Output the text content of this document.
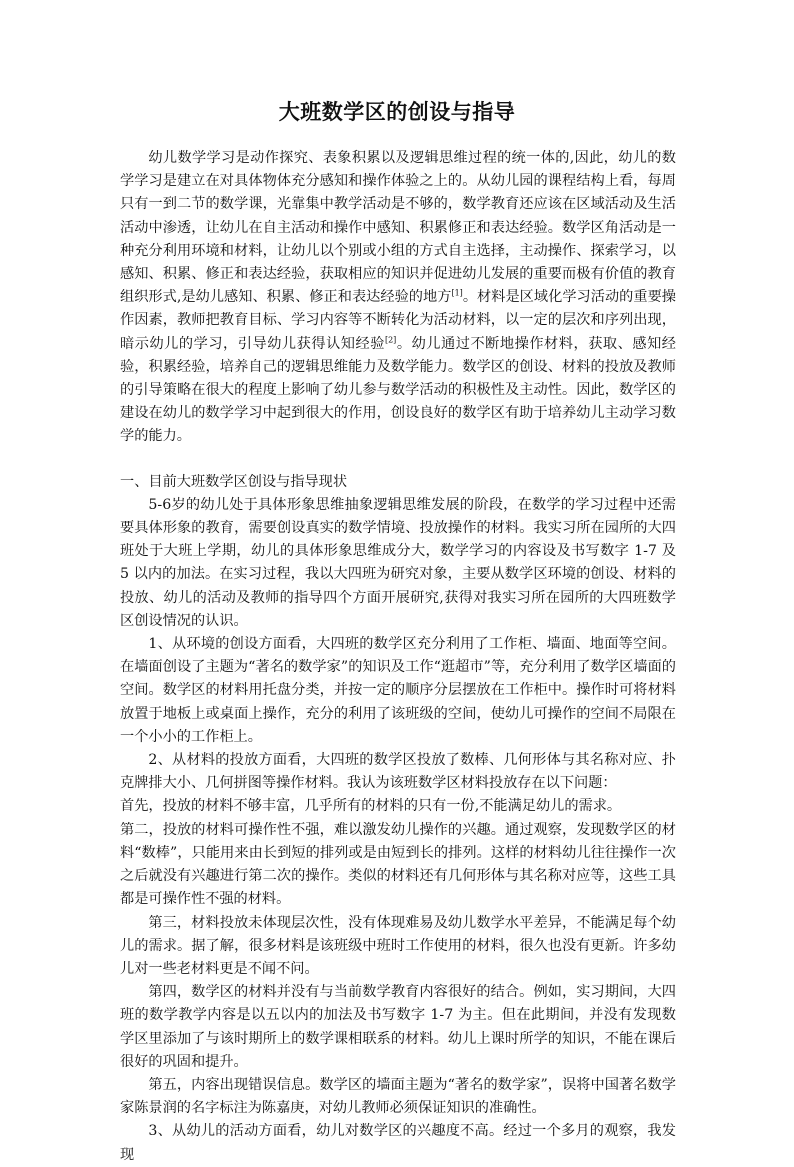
大班数学区的创设与指导

幼儿数学学习是动作探究、表象积累以及逻辑思维过程的统一体的,因此，幼儿的数学学习是建立在对具体物体充分感知和操作体验之上的。从幼儿园的课程结构上看，每周只有一到二节的数学课，光靠集中教学活动是不够的，数学教育还应该在区域活动及生活活动中渗透，让幼儿在自主活动和操作中感知、积累修正和表达经验。数学区角活动是一种充分利用环境和材料，让幼儿以个别或小组的方式自主选择，主动操作、探索学习，以感知、积累、修正和表达经验，获取相应的知识并促进幼儿发展的重要而极有价值的教育组织形式,是幼儿感知、积累、修正和表达经验的地方[1]。材料是区域化学习活动的重要操作因素，教师把教育目标、学习内容等不断转化为活动材料，以一定的层次和序列出现，暗示幼儿的学习，引导幼儿获得认知经验[2]。幼儿通过不断地操作材料，获取、感知经验，积累经验，培养自己的逻辑思维能力及数学能力。数学区的创设、材料的投放及教师的引导策略在很大的程度上影响了幼儿参与数学活动的积极性及主动性。因此，数学区的建设在幼儿的数学学习中起到很大的作用，创设良好的数学区有助于培养幼儿主动学习数学的能力。

一、目前大班数学区创设与指导现状

5-6岁的幼儿处于具体形象思维抽象逻辑思维发展的阶段，在数学的学习过程中还需要具体形象的教育，需要创设真实的数学情境、投放操作的材料。我实习所在园所的大四班处于大班上学期，幼儿的具体形象思维成分大，数学学习的内容设及书写数字 1-7 及 5 以内的加法。在实习过程，我以大四班为研究对象，主要从数学区环境的创设、材料的投放、幼儿的活动及教师的指导四个方面开展研究,获得对我实习所在园所的大四班数学区创设情况的认识。

1、从环境的创设方面看，大四班的数学区充分利用了工作柜、墙面、地面等空间。在墙面创设了主题为“著名的数学家”的知识及工作“逛超市”等，充分利用了数学区墙面的空间。数学区的材料用托盘分类，并按一定的顺序分层摆放在工作柜中。操作时可将材料放置于地板上或桌面上操作，充分的利用了该班级的空间，使幼儿可操作的空间不局限在一个小小的工作柜上。

2、从材料的投放方面看，大四班的数学区投放了数棒、几何形体与其名称对应、扑克牌排大小、几何拼图等操作材料。我认为该班数学区材料投放存在以下问题：

首先，投放的材料不够丰富，几乎所有的材料的只有一份,不能满足幼儿的需求。

第二，投放的材料可操作性不强，难以激发幼儿操作的兴趣。通过观察，发现数学区的材料“数棒”，只能用来由长到短的排列或是由短到长的排列。这样的材料幼儿往往操作一次之后就没有兴趣进行第二次的操作。类似的材料还有几何形体与其名称对应等，这些工具都是可操作性不强的材料。

第三，材料投放未体现层次性，没有体现难易及幼儿数学水平差异，不能满足每个幼儿的需求。据了解，很多材料是该班级中班时工作使用的材料，很久也没有更新。许多幼儿对一些老材料更是不闻不问。

第四，数学区的材料并没有与当前数学教育内容很好的结合。例如，实习期间，大四班的数学教学内容是以五以内的加法及书写数字 1-7 为主。但在此期间，并没有发现数学区里添加了与该时期所上的数学课相联系的材料。幼儿上课时所学的知识，不能在课后很好的巩固和提升。

第五，内容出现错误信息。数学区的墙面主题为“著名的数学家”，误将中国著名数学家陈景润的名字标注为陈嘉庚，对幼儿教师必须保证知识的准确性。

3、从幼儿的活动方面看，幼儿对数学区的兴趣度不高。经过一个多月的观察，我发现
